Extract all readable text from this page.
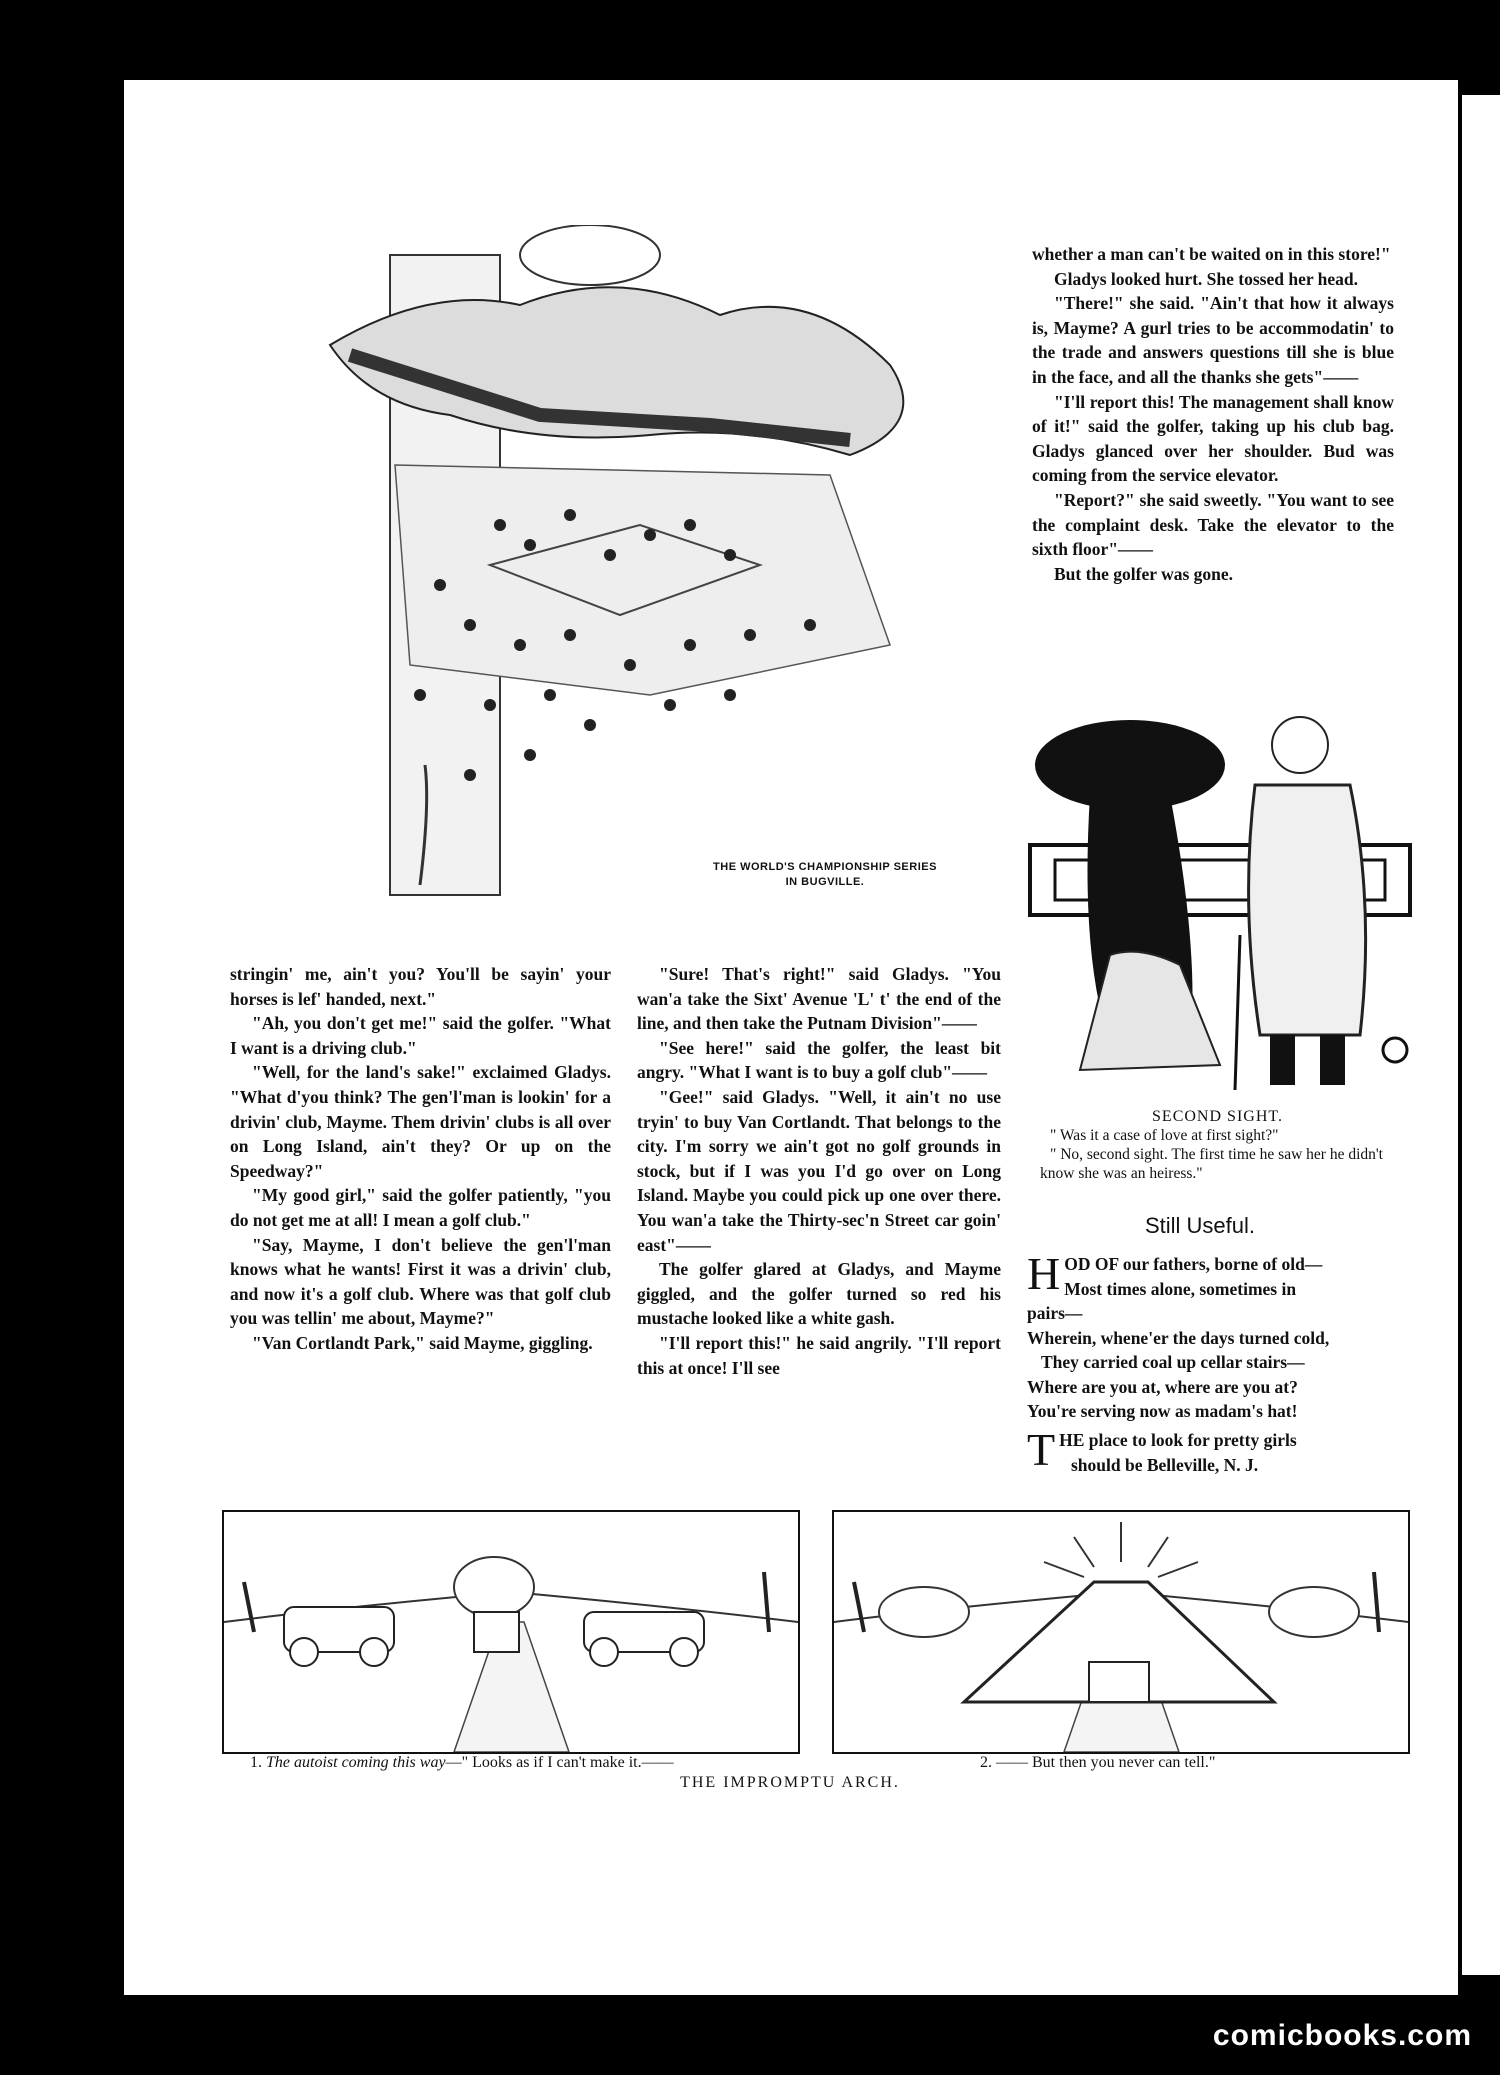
THE WORLD'S CHAMPIONSHIP SERIES
IN BUGVILLE.

whether a man can't be waited on in this store!"

Gladys looked hurt. She tossed her head.

"There!" she said. "Ain't that how it always is, Mayme? A gurl tries to be accommodatin' to the trade and answers questions till she is blue in the face, and all the thanks she gets"——

"I'll report this! The management shall know of it!" said the golfer, taking up his club bag. Gladys glanced over her shoulder. Bud was coming from the service elevator.

"Report?" she said sweetly. "You want to see the complaint desk. Take the elevator to the sixth floor"——

But the golfer was gone.

SECOND SIGHT.
" Was it a case of love at first sight?"
" No, second sight. The first time he saw her he didn't know she was an heiress."
Still Useful.
HOD OF our fathers, borne of old—
Most times alone, sometimes in
pairs—
Wherein, whene'er the days turned cold,
They carried coal up cellar stairs—
Where are you at, where are you at?
You're serving now as madam's hat!
THE place to look for pretty girls
should be Belleville, N. J.

stringin' me, ain't you? You'll be sayin' your horses is lef' handed, next."

"Ah, you don't get me!" said the golfer. "What I want is a driving club."

"Well, for the land's sake!" exclaimed Gladys. "What d'you think? The gen'l'man is lookin' for a drivin' club, Mayme. Them drivin' clubs is all over on Long Island, ain't they? Or up on the Speedway?"

"My good girl," said the golfer patiently, "you do not get me at all! I mean a golf club."

"Say, Mayme, I don't believe the gen'l'man knows what he wants! First it was a drivin' club, and now it's a golf club. Where was that golf club you was tellin' me about, Mayme?"

"Van Cortlandt Park," said Mayme, giggling.

"Sure! That's right!" said Gladys. "You wan'a take the Sixt' Avenue 'L' t' the end of the line, and then take the Putnam Division"——

"See here!" said the golfer, the least bit angry. "What I want is to buy a golf club"——

"Gee!" said Gladys. "Well, it ain't no use tryin' to buy Van Cortlandt. That belongs to the city. I'm sorry we ain't got no golf grounds in stock, but if I was you I'd go over on Long Island. Maybe you could pick up one over there. You wan'a take the Thirty-sec'n Street car goin' east"——

The golfer glared at Gladys, and Mayme giggled, and the golfer turned so red his mustache looked like a white gash.

"I'll report this!" he said angrily. "I'll report this at once! I'll see

1. The autoist coming this way—" Looks as if I can't make it.——	2. —— But then you never can tell."
THE IMPROMPTU ARCH.
comicbooks.com
